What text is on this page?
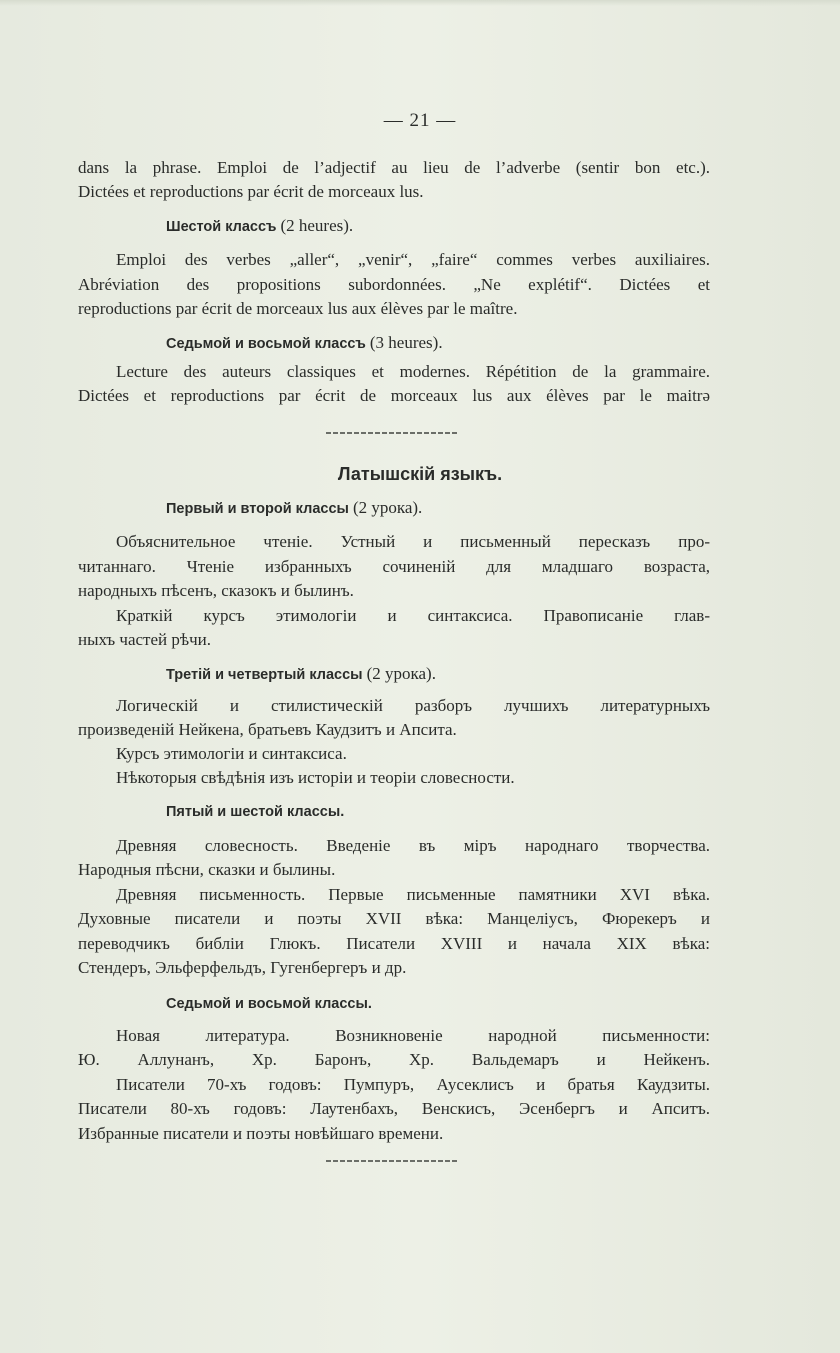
— 21 —
dans la phrase. Emploi de l’adjectif au lieu de l’adverbe (sentir bon etc.).
Dictées et reproductions par écrit de morceaux lus.
Шестой классъ (2 heures).
Emploi des verbes „aller“, „venir“, „faire“ commes verbes auxiliaires.
Abréviation des propositions subordonnées. „Ne explétif“. Dictées et
reproductions par écrit de morceaux lus aux élèves par le maître.
Седьмой и восьмой классъ (3 heures).
Lecture des auteurs classiques et modernes. Répétition de la grammaire.
Dictées et reproductions par écrit de morceaux lus aux élèves par le maitrə
Латышскій языкъ.
Первый и второй классы (2 урока).
Объяснительное чтеніе. Устный и письменный пересказъ про-
читаннаго. Чтеніе избранныхъ сочиненій для младшаго возраста,
народныхъ пѣсенъ, сказокъ и былинъ.
Краткій курсъ этимологіи и синтаксиса. Правописаніе глав-
ныхъ частей рѣчи.
Третій и четвертый классы (2 урока).
Логическій и стилистическій разборъ лучшихъ литературныхъ
произведеній Нейкена, братьевъ Каудзитъ и Апсита.
Курсъ этимологіи и синтаксиса.
Нѣкоторыя свѣдѣнія изъ исторіи и теоріи словесности.
Пятый и шестой классы.
Древняя словесность. Введеніе въ міръ народнаго творчества.
Народныя пѣсни, сказки и былины.
Древняя письменность. Первые письменные памятники XVI вѣка.
Духовные писатели и поэты XVII вѣка: Манцеліусъ, Фюрекеръ и
переводчикъ библіи Глюкъ. Писатели XVIII и начала XIX вѣка:
Стендеръ, Эльферфельдъ, Гугенбергеръ и др.
Седьмой и восьмой классы.
Новая литература. Возникновеніе народной письменности:
Ю. Аллунанъ, Хр. Баронъ, Хр. Вальдемаръ и Нейкенъ.
Писатели 70-хъ годовъ: Пумпуръ, Аусеклисъ и братья Каудзиты.
Писатели 80-хъ годовъ: Лаутенбахъ, Венскисъ, Эсенбергъ и Апситъ.
Избранные писатели и поэты новѣйшаго времени.
